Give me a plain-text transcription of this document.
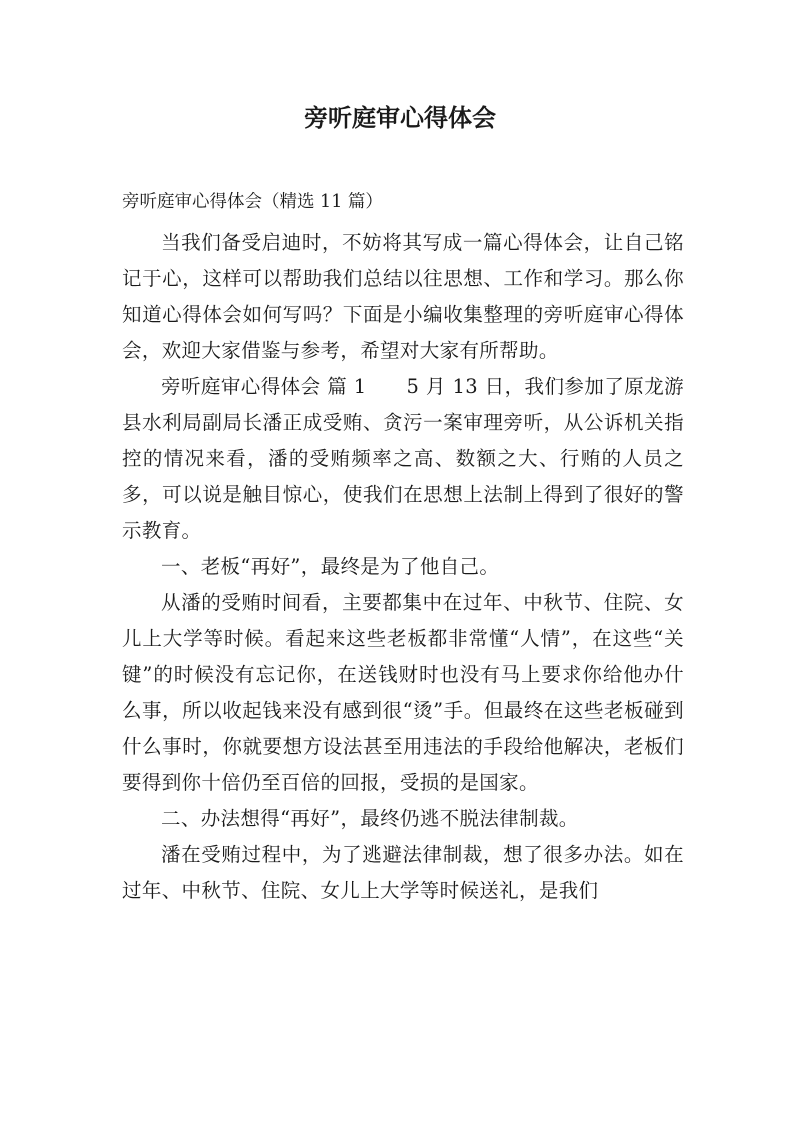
旁听庭审心得体会

旁听庭审心得体会（精选 11 篇）

当我们备受启迪时，不妨将其写成一篇心得体会，让自己铭记于心，这样可以帮助我们总结以往思想、工作和学习。那么你知道心得体会如何写吗？下面是小编收集整理的旁听庭审心得体会，欢迎大家借鉴与参考，希望对大家有所帮助。

旁听庭审心得体会 篇 1　　5 月 13 日，我们参加了原龙游县水利局副局长潘正成受贿、贪污一案审理旁听，从公诉机关指控的情况来看，潘的受贿频率之高、数额之大、行贿的人员之多，可以说是触目惊心，使我们在思想上法制上得到了很好的警示教育。

一、老板“再好”，最终是为了他自己。

从潘的受贿时间看，主要都集中在过年、中秋节、住院、女儿上大学等时候。看起来这些老板都非常懂“人情”，在这些“关键”的时候没有忘记你，在送钱财时也没有马上要求你给他办什么事，所以收起钱来没有感到很“烫”手。但最终在这些老板碰到什么事时，你就要想方设法甚至用违法的手段给他解决，老板们要得到你十倍仍至百倍的回报，受损的是国家。

二、办法想得“再好”，最终仍逃不脱法律制裁。

潘在受贿过程中，为了逃避法律制裁，想了很多办法。如在过年、中秋节、住院、女儿上大学等时候送礼，是我们
